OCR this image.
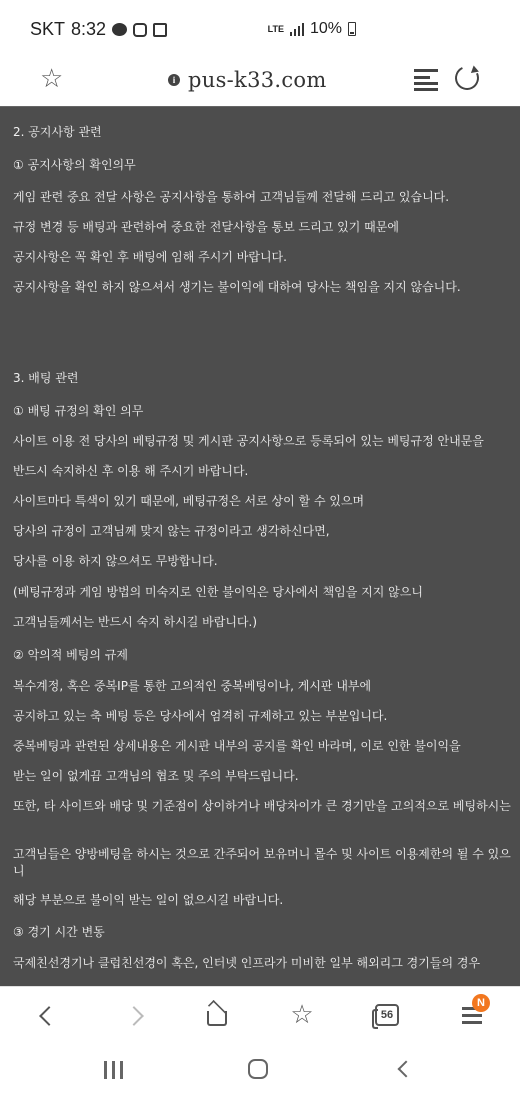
SKT 8:32	LTE 10%
☆	i pus-k33.com
2. 공지사항 관련
① 공지사항의 확인의무
게임 관련 중요 전달 사항은 공지사항을 통하여 고객님들께 전달해 드리고 있습니다.
규정 변경 등 배팅과 관련하여 중요한 전달사항을 통보 드리고 있기 때문에
공지사항은 꼭 확인 후 배팅에 임해 주시기 바랍니다.
공지사항을 확인 하지 않으셔서 생기는 불이익에 대하여 당사는 책임을 지지 않습니다.
3. 배팅 관련
① 배팅 규정의 확인 의무
사이트 이용 전 당사의 베팅규정 및 게시판 공지사항으로 등록되어 있는 베팅규정 안내문을
반드시 숙지하신 후 이용 해 주시기 바랍니다.
사이트마다 특색이 있기 때문에, 베팅규정은 서로 상이 할 수 있으며
당사의 규정이 고객님께 맞지 않는 규정이라고 생각하신다면,
당사를 이용 하지 않으셔도 무방합니다.
(베팅규정과 게임 방법의 미숙지로 인한 불이익은 당사에서 책임을 지지 않으니
고객님들께서는 반드시 숙지 하시길 바랍니다.)
② 악의적 베팅의 규제
복수계정, 혹은 중복IP를 통한 고의적인 중복베팅이나, 게시판 내부에
공지하고 있는 축 베팅 등은 당사에서 엄격히 규제하고 있는 부분입니다.
중복베팅과 관련된 상세내용은 게시판 내부의 공지를 확인 바라며, 이로 인한 불이익을
받는 일이 없게끔 고객님의 협조 및 주의 부탁드립니다.
또한, 타 사이트와 배당 및 기준점이 상이하거나 배당차이가 큰 경기만을 고의적으로 베팅하시는
고객님들은 양방베팅을 하시는 것으로 간주되어 보유머니 몰수 및 사이트 이용제한의 될 수 있으니
해당 부분으로 불이익 받는 일이 없으시길 바랍니다.
③ 경기 시간 변동
국제친선경기나 클럽친선경이 혹은, 인터넷 인프라가 미비한 일부 해외리그 경기들의 경우
☆	56
N
